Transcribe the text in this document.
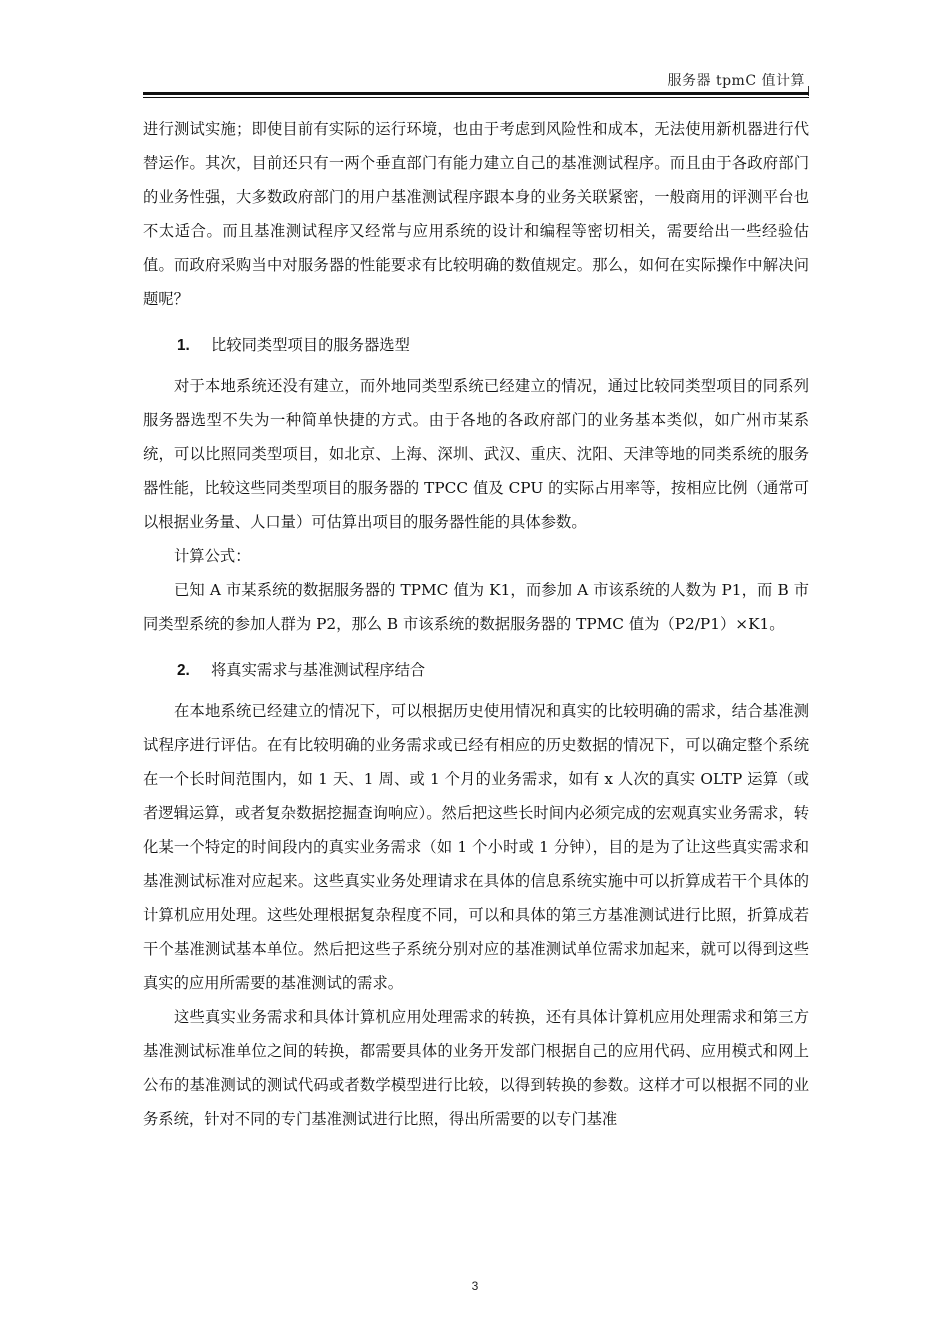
服务器 tpmC 值计算

进行测试实施；即使目前有实际的运行环境，也由于考虑到风险性和成本，无法使用新机器进行代替运作。其次，目前还只有一两个垂直部门有能力建立自己的基准测试程序。而且由于各政府部门的业务性强，大多数政府部门的用户基准测试程序跟本身的业务关联紧密，一般商用的评测平台也不太适合。而且基准测试程序又经常与应用系统的设计和编程等密切相关，需要给出一些经验估值。而政府采购当中对服务器的性能要求有比较明确的数值规定。那么，如何在实际操作中解决问题呢？

1. 比较同类型项目的服务器选型

对于本地系统还没有建立，而外地同类型系统已经建立的情况，通过比较同类型项目的同系列服务器选型不失为一种简单快捷的方式。由于各地的各政府部门的业务基本类似，如广州市某系统，可以比照同类型项目，如北京、上海、深圳、武汉、重庆、沈阳、天津等地的同类系统的服务器性能，比较这些同类型项目的服务器的 TPCC 值及 CPU 的实际占用率等，按相应比例（通常可以根据业务量、人口量）可估算出项目的服务器性能的具体参数。

计算公式：

已知 A 市某系统的数据服务器的 TPMC 值为 K1，而参加 A 市该系统的人数为 P1，而 B 市同类型系统的参加人群为 P2，那么 B 市该系统的数据服务器的 TPMC 值为（P2/P1）×K1。

2. 将真实需求与基准测试程序结合

在本地系统已经建立的情况下，可以根据历史使用情况和真实的比较明确的需求，结合基准测试程序进行评估。在有比较明确的业务需求或已经有相应的历史数据的情况下，可以确定整个系统在一个长时间范围内，如 1 天、1 周、或 1 个月的业务需求，如有 x 人次的真实 OLTP 运算（或者逻辑运算，或者复杂数据挖掘查询响应）。然后把这些长时间内必须完成的宏观真实业务需求，转化某一个特定的时间段内的真实业务需求（如 1 个小时或 1 分钟），目的是为了让这些真实需求和基准测试标准对应起来。这些真实业务处理请求在具体的信息系统实施中可以折算成若干个具体的计算机应用处理。这些处理根据复杂程度不同，可以和具体的第三方基准测试进行比照，折算成若干个基准测试基本单位。然后把这些子系统分别对应的基准测试单位需求加起来，就可以得到这些真实的应用所需要的基准测试的需求。

这些真实业务需求和具体计算机应用处理需求的转换，还有具体计算机应用处理需求和第三方基准测试标准单位之间的转换，都需要具体的业务开发部门根据自己的应用代码、应用模式和网上公布的基准测试的测试代码或者数学模型进行比较，以得到转换的参数。这样才可以根据不同的业务系统，针对不同的专门基准测试进行比照，得出所需要的以专门基准

3
